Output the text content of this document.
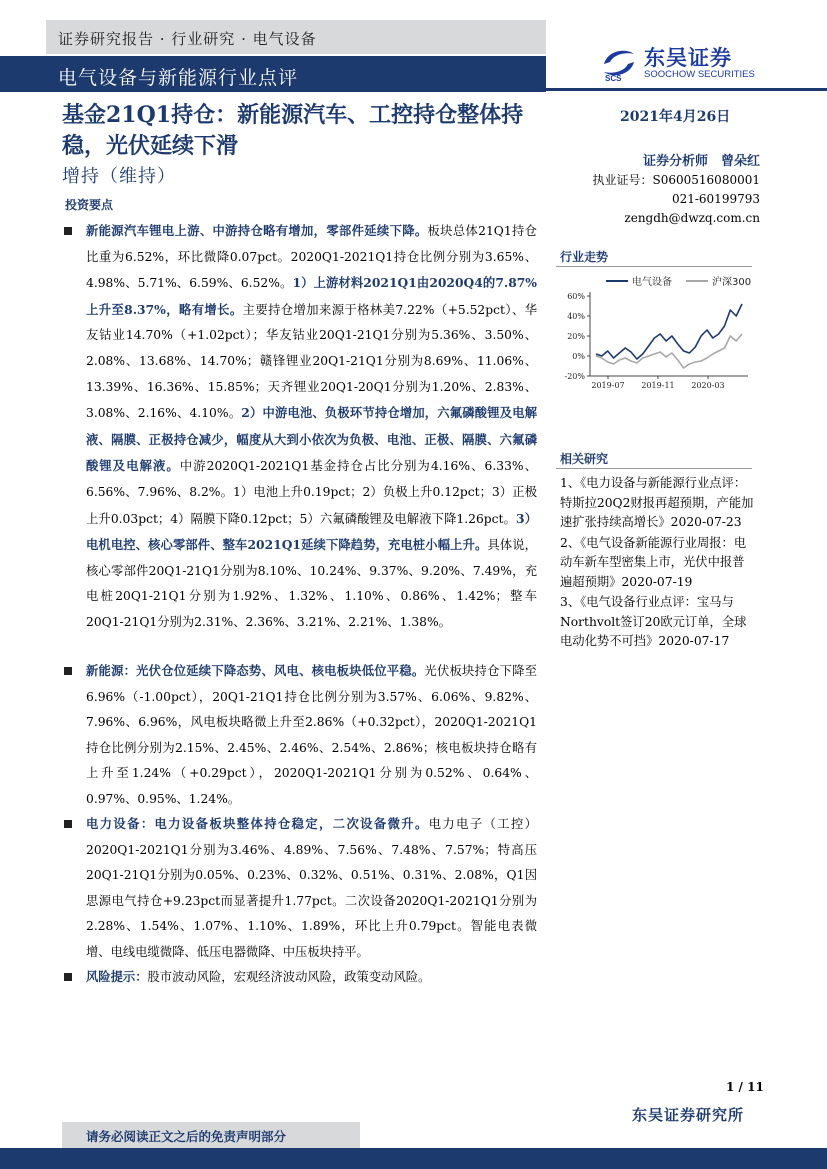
证券研究报告 · 行业研究 · 电气设备
电气设备与新能源行业点评	SCS
东吴证券
SOOCHOW SECURITIES
基金21Q1持仓：新能源汽车、工控持仓整体持稳，光伏延续下滑
增持（维持）
2021年4月26日
证券分析师　曾朵红
执业证号：S0600516080001
021-60199793
zengdh@dwzq.com.cn
投资要点
新能源汽车锂电上游、中游持仓略有增加，零部件延续下降。板块总体21Q1持仓比重为6.52%，环比微降0.07pct。2020Q1-2021Q1持仓比例分别为3.65%、4.98%、5.71%、6.59%、6.52%。1）上游材料2021Q1由2020Q4的7.87%上升至8.37%，略有增长。主要持仓增加来源于格林美7.22%（+5.52pct）、华友钴业14.70%（+1.02pct）；华友钴业20Q1-21Q1分别为5.36%、3.50%、2.08%、13.68%、14.70%；赣锋锂业20Q1-21Q1分别为8.69%、11.06%、13.39%、16.36%、15.85%；天齐锂业20Q1-20Q1分别为1.20%、2.83%、3.08%、2.16%、4.10%。2）中游电池、负极环节持仓增加，六氟磷酸锂及电解液、隔膜、正极持仓减少，幅度从大到小依次为负极、电池、正极、隔膜、六氟磷酸锂及电解液。中游2020Q1-2021Q1基金持仓占比分别为4.16%、6.33%、6.56%、7.96%、8.2%。1）电池上升0.19pct；2）负极上升0.12pct；3）正极上升0.03pct；4）隔膜下降0.12pct；5）六氟磷酸锂及电解液下降1.26pct。3）电机电控、核心零部件、整车2021Q1延续下降趋势，充电桩小幅上升。具体说，核心零部件20Q1-21Q1分别为8.10%、10.24%、9.37%、9.20%、7.49%，充电桩20Q1-21Q1分别为1.92%、1.32%、1.10%、0.86%、1.42%；整车20Q1-21Q1分别为2.31%、2.36%、3.21%、2.21%、1.38%。
新能源：光伏仓位延续下降态势、风电、核电板块低位平稳。光伏板块持仓下降至6.96%（-1.00pct），20Q1-21Q1持仓比例分别为3.57%、6.06%、9.82%、7.96%、6.96%，风电板块略微上升至2.86%（+0.32pct），2020Q1-2021Q1持仓比例分别为2.15%、2.45%、2.46%、2.54%、2.86%；核电板块持仓略有上升至1.24%（+0.29pct），2020Q1-2021Q1分别为0.52%、0.64%、0.97%、0.95%、1.24%。
电力设备：电力设备板块整体持仓稳定，二次设备微升。电力电子（工控）2020Q1-2021Q1分别为3.46%、4.89%、7.56%、7.48%、7.57%；特高压20Q1-21Q1分别为0.05%、0.23%、0.32%、0.51%、0.31%、2.08%，Q1因思源电气持仓+9.23pct而显著提升1.77pct。二次设备2020Q1-2021Q1分别为2.28%、1.54%、1.07%、1.10%、1.89%，环比上升0.79pct。智能电表微增、电线电缆微降、低压电器微降、中压板块持平。
风险提示：股市波动风险，宏观经济波动风险，政策变动风险。
行业走势
电气设备	沪深300
60%
40%
20%
0%
-20%
2019-07 2019-11 2020-03
相关研究
1、《电力设备与新能源行业点评：特斯拉20Q2财报再超预期，产能加速扩张持续高增长》2020-07-23
2、《电气设备新能源行业周报：电动车新车型密集上市，光伏中报普遍超预期》2020-07-19
3、《电气设备行业点评：宝马与Northvolt签订20欧元订单，全球电动化势不可挡》2020-07-17
1 / 11
东吴证券研究所
请务必阅读正文之后的免责声明部分
